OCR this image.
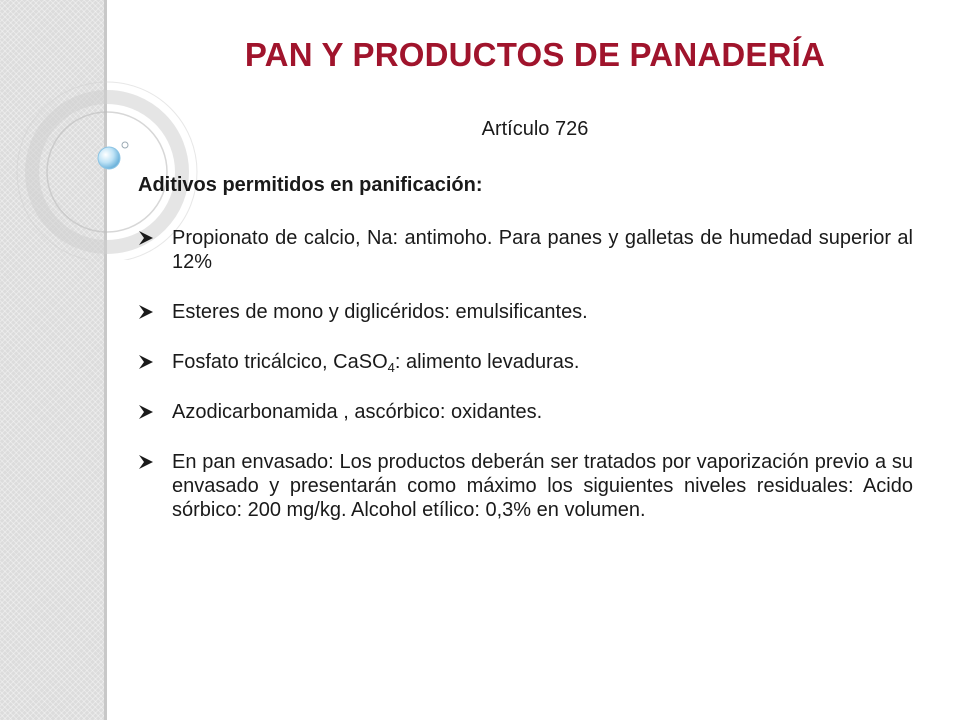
PAN Y PRODUCTOS DE PANADERÍA
Artículo 726
Aditivos permitidos en panificación:
Propionato de calcio, Na: antimoho. Para panes y galletas de humedad superior al 12%
Esteres de mono y diglicéridos: emulsificantes.
Fosfato tricálcico, CaSO$_4$: alimento levaduras.
Azodicarbonamida , ascórbico: oxidantes.
En pan envasado: Los productos deberán ser tratados por vaporización previo a su envasado y presentarán como máximo los siguientes niveles residuales: Acido sórbico: 200 mg/kg. Alcohol etílico: 0,3% en volumen.
